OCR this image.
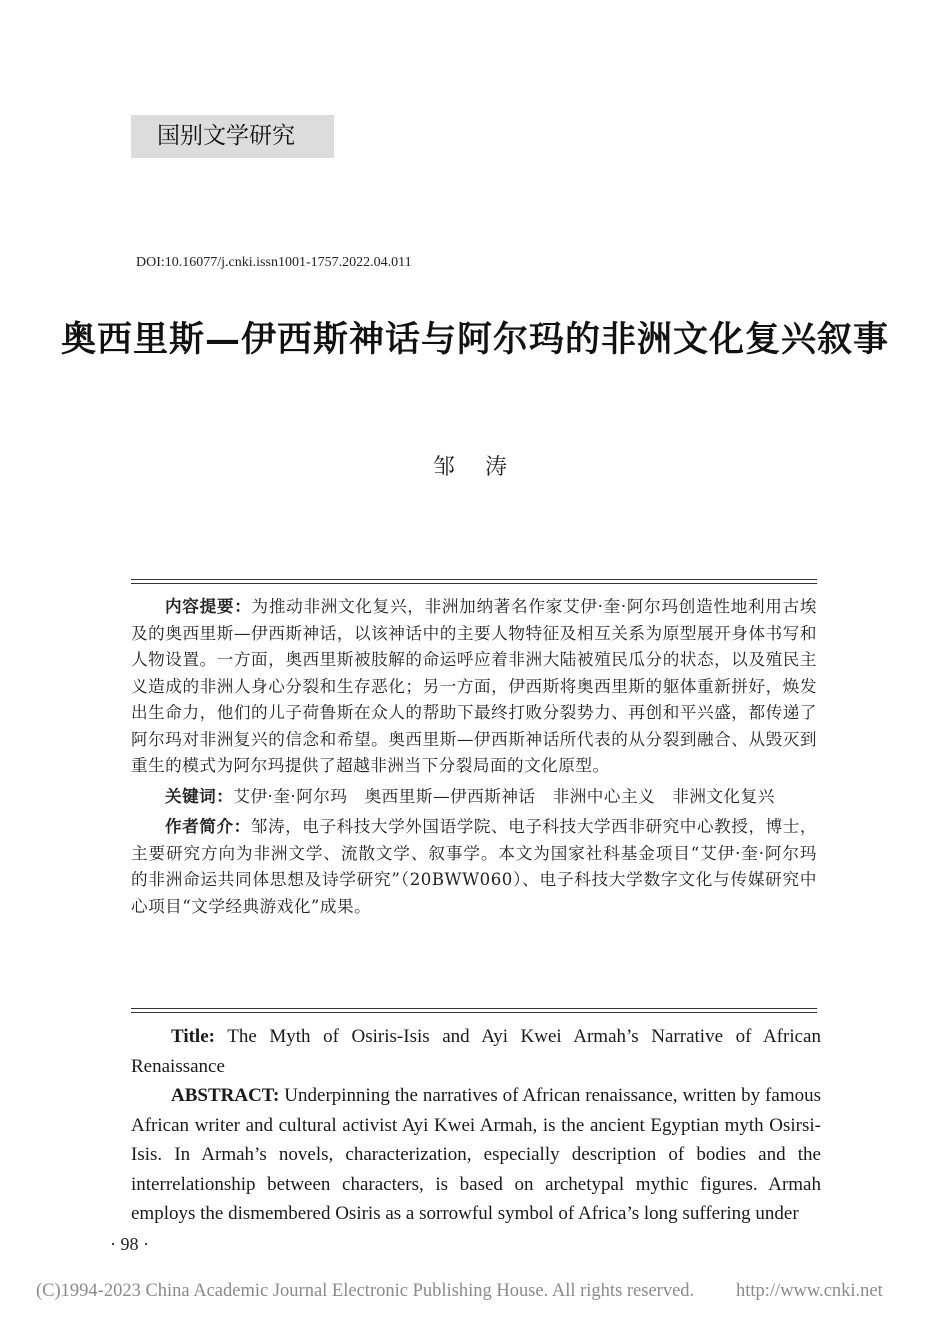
国别文学研究
DOI:10.16077/j.cnki.issn1001-1757.2022.04.011
奥西里斯—伊西斯神话与阿尔玛的非洲文化复兴叙事
邹涛

内容提要：为推动非洲文化复兴，非洲加纳著名作家艾伊·奎·阿尔玛创造性地利用古埃及的奥西里斯—伊西斯神话，以该神话中的主要人物特征及相互关系为原型展开身体书写和人物设置。一方面，奥西里斯被肢解的命运呼应着非洲大陆被殖民瓜分的状态，以及殖民主义造成的非洲人身心分裂和生存恶化；另一方面，伊西斯将奥西里斯的躯体重新拼好，焕发出生命力，他们的儿子荷鲁斯在众人的帮助下最终打败分裂势力、再创和平兴盛，都传递了阿尔玛对非洲复兴的信念和希望。奥西里斯—伊西斯神话所代表的从分裂到融合、从毁灭到重生的模式为阿尔玛提供了超越非洲当下分裂局面的文化原型。

关键词：艾伊·奎·阿尔玛　奥西里斯—伊西斯神话　非洲中心主义　非洲文化复兴

作者简介：邹涛，电子科技大学外国语学院、电子科技大学西非研究中心教授，博士，主要研究方向为非洲文学、流散文学、叙事学。本文为国家社科基金项目“艾伊·奎·阿尔玛的非洲命运共同体思想及诗学研究”（20BWW060）、电子科技大学数字文化与传媒研究中心项目“文学经典游戏化”成果。

Title: The Myth of Osiris-Isis and Ayi Kwei Armah’s Narrative of African Renaissance

ABSTRACT: Underpinning the narratives of African renaissance, written by famous African writer and cultural activist Ayi Kwei Armah, is the ancient Egyptian myth Osirsi-Isis. In Armah’s novels, characterization, especially description of bodies and the interrelationship between characters, is based on archetypal mythic figures. Armah employs the dismembered Osiris as a sorrowful symbol of Africa’s long suffering under

· 98 ·
(C)1994-2023 China Academic Journal Electronic Publishing House. All rights reserved. http://www.cnki.net
